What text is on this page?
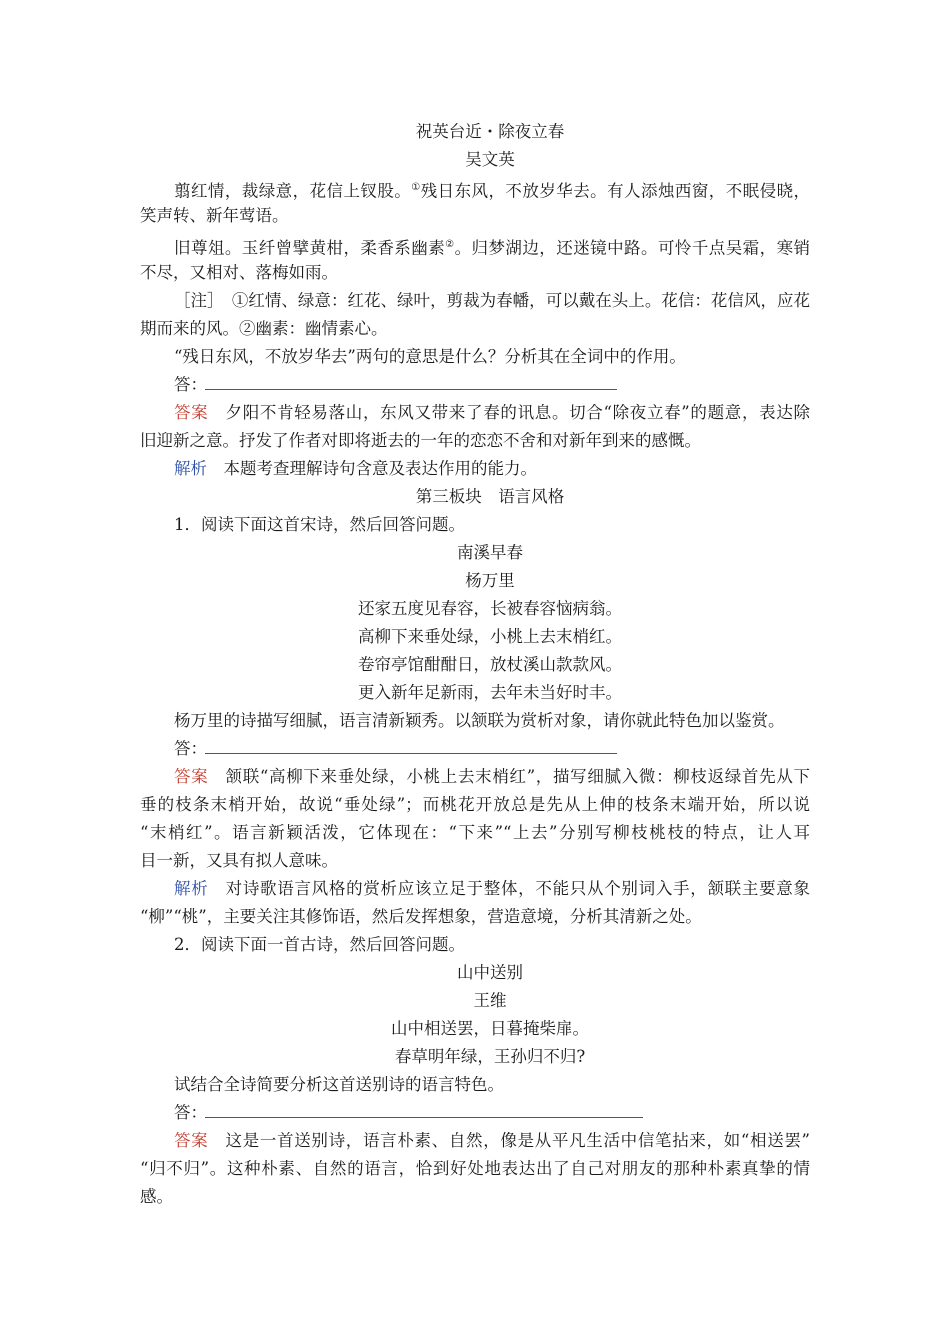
祝英台近・除夜立春

吴文英

翦红情，裁绿意，花信上钗股。①残日东风，不放岁华去。有人添烛西窗，不眠侵晓，

笑声转、新年莺语。

旧尊俎。玉纤曾擘黄柑，柔香系幽素②。归梦湖边，还迷镜中路。可怜千点吴霜，寒销

不尽，又相对、落梅如雨。

［注］　①红情、绿意：红花、绿叶，剪裁为春幡，可以戴在头上。花信：花信风，应花

期而来的风。②幽素：幽情素心。

“残日东风，不放岁华去”两句的意思是什么？分析其在全词中的作用。

答：

答案　夕阳不肯轻易落山，东风又带来了春的讯息。切合“除夜立春”的题意，表达除

旧迎新之意。抒发了作者对即将逝去的一年的恋恋不舍和对新年到来的感慨。

解析　本题考查理解诗句含意及表达作用的能力。

第三板块　语言风格

1．阅读下面这首宋诗，然后回答问题。

南溪早春

杨万里

还家五度见春容，长被春容恼病翁。

高柳下来垂处绿，小桃上去末梢红。

卷帘亭馆酣酣日，放杖溪山款款风。

更入新年足新雨，去年未当好时丰。

杨万里的诗描写细腻，语言清新颖秀。以颔联为赏析对象，请你就此特色加以鉴赏。

答：

答案　颔联“高柳下来垂处绿，小桃上去末梢红”，描写细腻入微：柳枝返绿首先从下

垂的枝条末梢开始，故说“垂处绿”；而桃花开放总是先从上伸的枝条末端开始，所以说

“末梢红”。语言新颖活泼，它体现在：“下来”“上去”分别写柳枝桃枝的特点，让人耳

目一新，又具有拟人意味。

解析　对诗歌语言风格的赏析应该立足于整体，不能只从个别词入手，颔联主要意象

“柳”“桃”，主要关注其修饰语，然后发挥想象，营造意境，分析其清新之处。

2．阅读下面一首古诗，然后回答问题。

山中送别

王维

山中相送罢，日暮掩柴扉。

春草明年绿，王孙归不归?

试结合全诗简要分析这首送别诗的语言特色。

答：

答案　这是一首送别诗，语言朴素、自然，像是从平凡生活中信笔拈来，如“相送罢”

“归不归”。这种朴素、自然的语言，恰到好处地表达出了自己对朋友的那种朴素真挚的情

感。
